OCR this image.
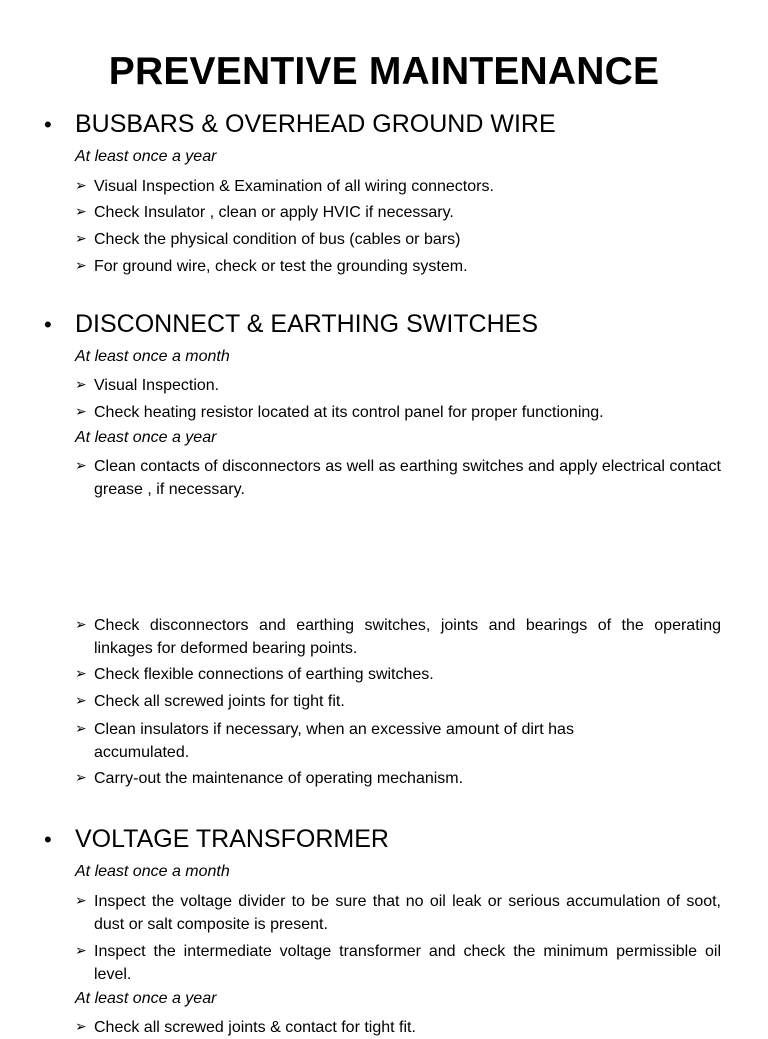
PREVENTIVE MAINTENANCE
• BUSBARS & OVERHEAD GROUND WIRE
At least once a year
➢ Visual Inspection & Examination of all wiring connectors.
➢ Check Insulator , clean or apply HVIC if necessary.
➢ Check the physical condition of bus (cables or bars)
➢ For ground wire, check or test the grounding system.
• DISCONNECT & EARTHING SWITCHES
At least once a month
➢ Visual Inspection.
➢ Check heating resistor located at its control panel for proper functioning.
At least once a year
➢ Clean contacts of disconnectors as well as earthing switches and apply electrical contact grease , if necessary.
➢ Check disconnectors and earthing switches, joints and bearings of the operating linkages for deformed bearing points.
➢ Check flexible connections of earthing switches.
➢ Check all screwed joints for tight fit.
➢ Clean insulators if necessary, when an excessive amount of dirt has accumulated.
➢ Carry-out the maintenance of operating mechanism.
• VOLTAGE TRANSFORMER
At least once a month
➢ Inspect the voltage divider to be sure that no oil leak or serious accumulation of soot, dust or salt composite is present.
➢ Inspect the intermediate voltage transformer and check the minimum permissible oil level.
At least once a year
➢ Check all screwed joints & contact for tight fit.
